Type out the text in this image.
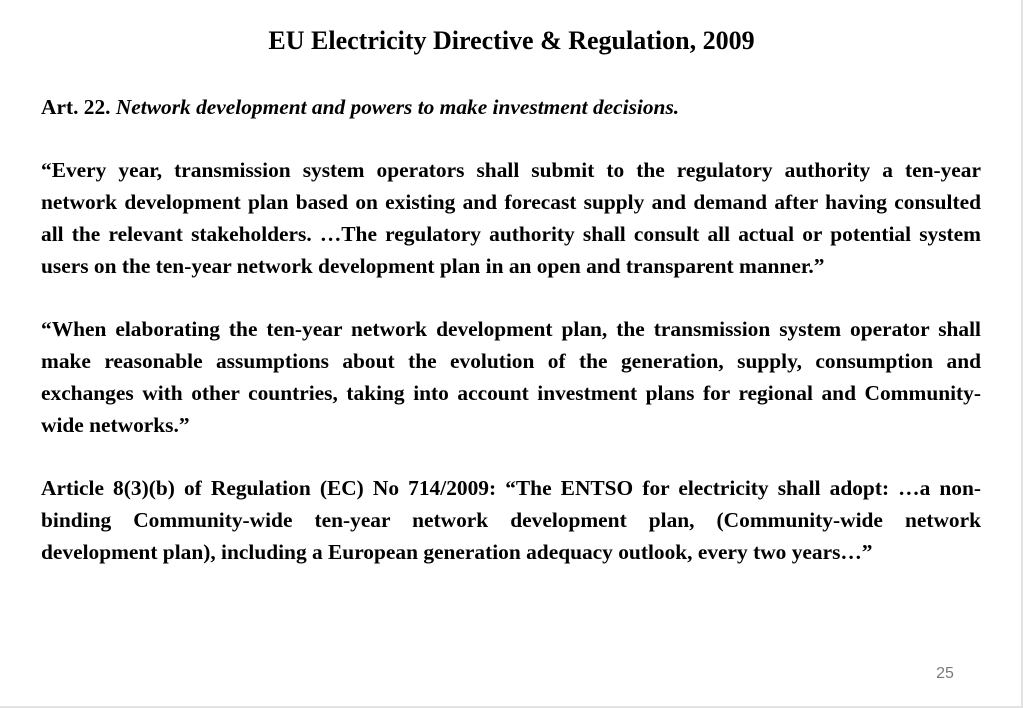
EU Electricity Directive & Regulation, 2009

Art. 22. Network development and powers to make investment decisions.

“Every year, transmission system operators shall submit to the regulatory authority a ten-year network development plan based on existing and forecast supply and demand after having consulted all the relevant stakeholders. …The regulatory authority shall consult all actual or potential system users on the ten-year network development plan in an open and transparent manner.”

“When elaborating the ten-year network development plan, the transmission system operator shall make reasonable assumptions about the evolution of the generation, supply, consumption and exchanges with other countries, taking into account investment plans for regional and Community-wide networks.”

Article 8(3)(b) of Regulation (EC) No 714/2009: “The ENTSO for electricity shall adopt: …a non-binding Community-wide ten-year network development plan, (Community-wide network development plan), including a European generation adequacy outlook, every two years…”

25
